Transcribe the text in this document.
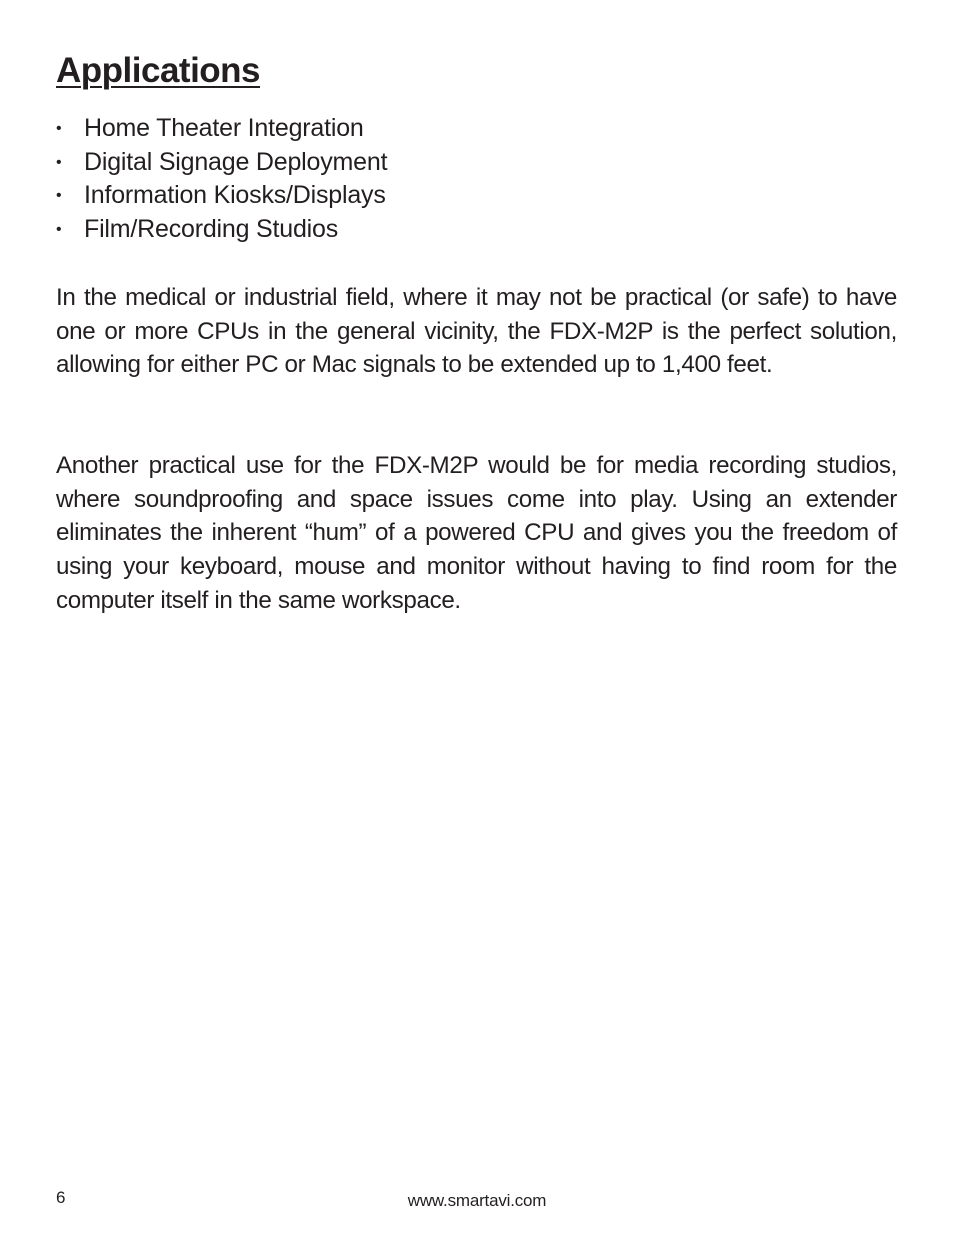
Applications
• Home Theater Integration
• Digital Signage Deployment
• Information Kiosks/Displays
• Film/Recording Studios

In the medical or industrial field, where it may not be practical (or safe) to have one or more CPUs in the general vicinity, the FDX-M2P is the perfect solution, allowing for either PC or Mac signals to be extended up to 1,400 feet.

Another practical use for the FDX-M2P would be for media recording studios, where soundproofing and space issues come into play. Using an extender eliminates the inherent “hum” of a powered CPU and gives you the freedom of using your keyboard, mouse and monitor without having to find room for the computer itself in the same workspace.

6	www.smartavi.com
